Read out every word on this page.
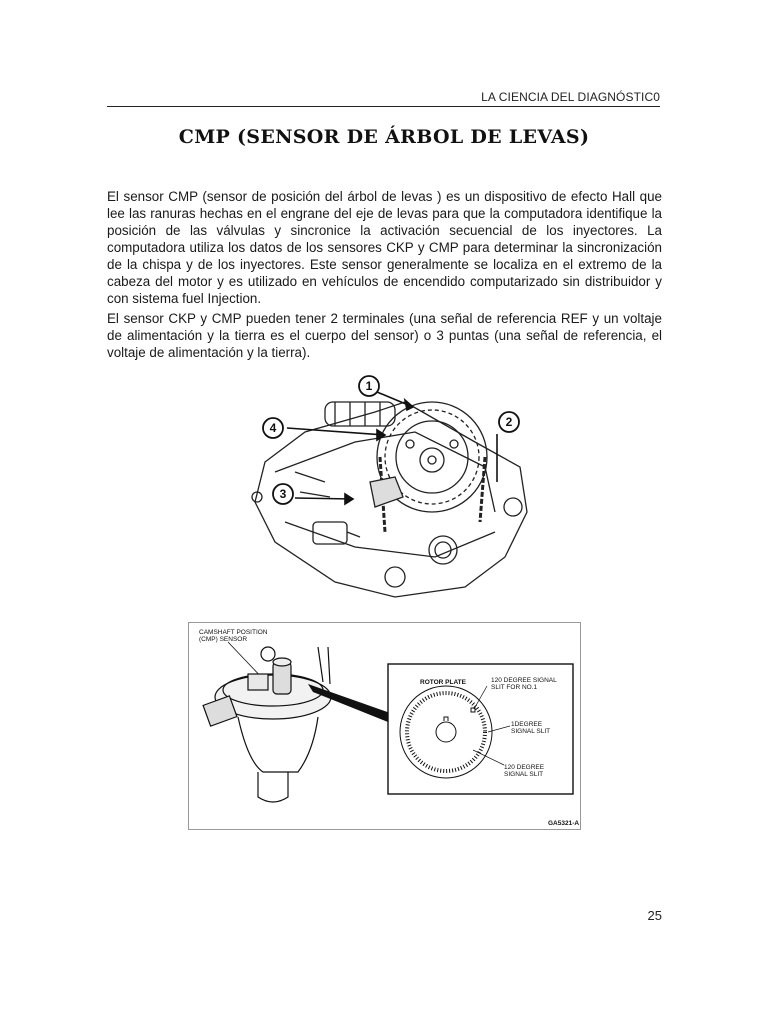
LA CIENCIA DEL DIAGNÓSTIC0
CMP (SENSOR DE ÁRBOL DE LEVAS)
El sensor CMP (sensor de posición del árbol de levas ) es un dispositivo de efecto Hall que lee las ranuras hechas en el engrane del eje de levas para que la computadora identifique la posición de las válvulas y sincronice la activación secuencial de los inyectores. La computadora utiliza los datos de los sensores CKP y CMP para determinar la sincronización de la chispa y de los inyectores. Este sensor generalmente se localiza en el extremo de la cabeza del motor y es utilizado en vehículos de encendido computarizado sin distribuidor y con sistema fuel Injection.
El sensor CKP y CMP pueden tener 2 terminales (una señal de referencia REF y un voltaje de alimentación y la tierra es el cuerpo del sensor) o 3 puntas (una señal de referencia, el voltaje de alimentación y la tierra).
1
2
3
4
CAMSHAFT POSITION
(CMP) SENSOR
ROTOR PLATE	120 DEGREE SIGNAL
SLIT FOR NO.1
1DEGREE
SIGNAL SLIT
120 DEGREE
SIGNAL SLIT
GA5321-A
25
